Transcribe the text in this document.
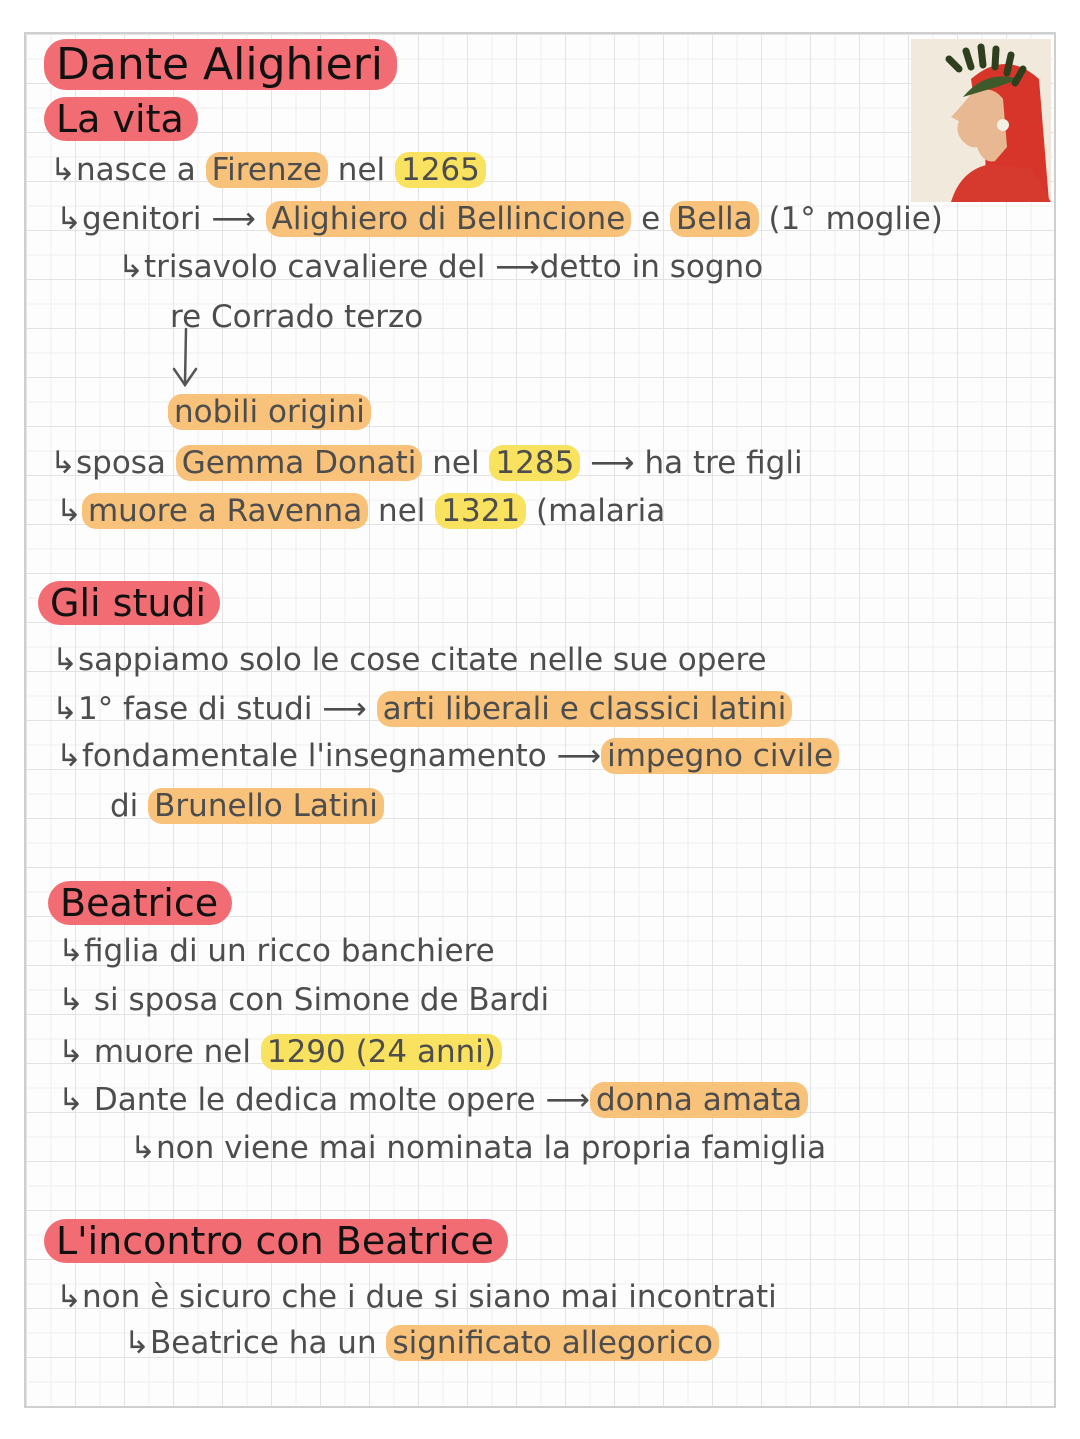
Dante Alighieri
La vita
↳nasce a Firenze nel 1265
↳genitori ⟶ Alighiero di Bellincione e Bella (1° moglie)
↳trisavolo cavaliere del ⟶detto in sogno
re Corrado terzo
nobili origini
↳sposa Gemma Donati nel 1285 ⟶ ha tre figli
↳ muore a Ravenna nel 1321 (malaria
Gli studi
↳sappiamo solo le cose citate nelle sue opere
↳1° fase di studi ⟶ arti liberali e classici latini
↳fondamentale l'insegnamento ⟶ impegno civile
di Brunello Latini
Beatrice
↳figlia di un ricco banchiere
↳ si sposa con Simone de Bardi
↳ muore nel 1290 (24 anni)
↳ Dante le dedica molte opere ⟶ donna amata
↳non viene mai nominata la propria famiglia
L'incontro con Beatrice
↳non è sicuro che i due si siano mai incontrati
↳Beatrice ha un significato allegorico
